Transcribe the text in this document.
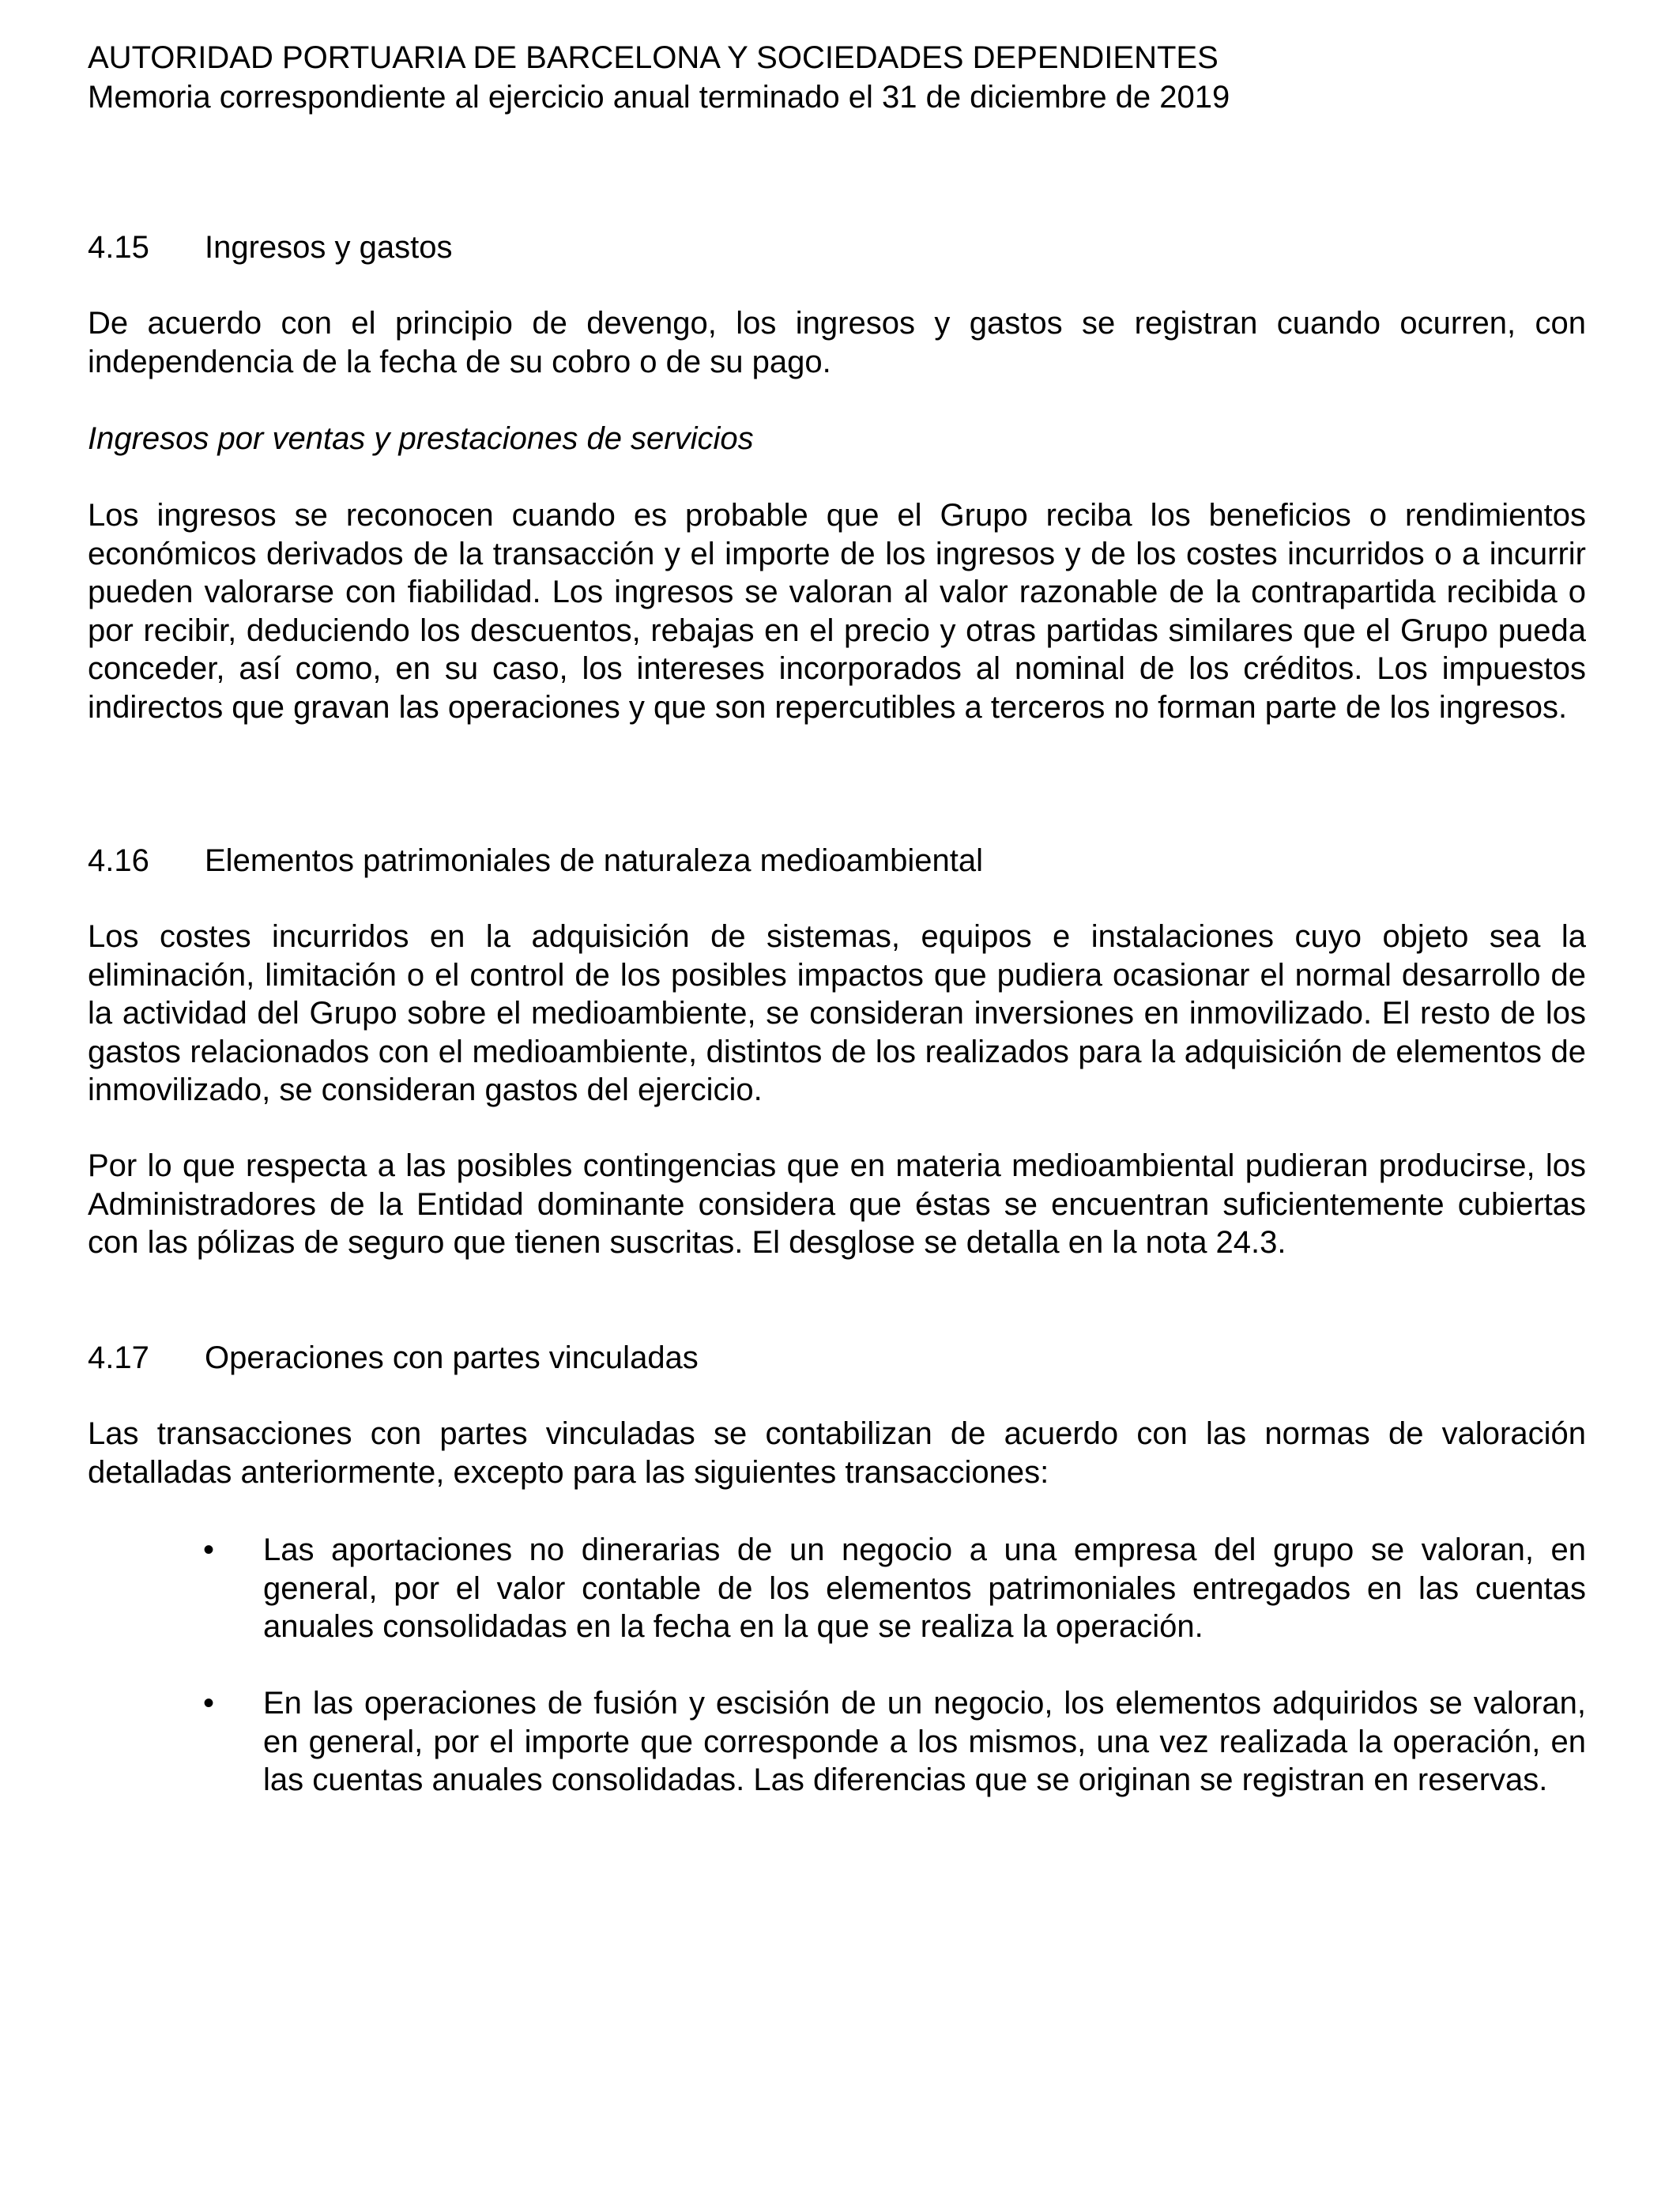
AUTORIDAD PORTUARIA DE BARCELONA Y SOCIEDADES DEPENDIENTES

Memoria correspondiente al ejercicio anual terminado el 31 de diciembre de 2019

4.15 Ingresos y gastos

De acuerdo con el principio de devengo, los ingresos y gastos se registran cuando ocurren, con independencia de la fecha de su cobro o de su pago.

Ingresos por ventas y prestaciones de servicios

Los ingresos se reconocen cuando es probable que el Grupo reciba los beneficios o rendimientos económicos derivados de la transacción y el importe de los ingresos y de los costes incurridos o a incurrir pueden valorarse con fiabilidad. Los ingresos se valoran al valor razonable de la contrapartida recibida o por recibir, deduciendo los descuentos, rebajas en el precio y otras partidas similares que el Grupo pueda conceder, así como, en su caso, los intereses incorporados al nominal de los créditos. Los impuestos indirectos que gravan las operaciones y que son repercutibles a terceros no forman parte de los ingresos.

4.16 Elementos patrimoniales de naturaleza medioambiental

Los costes incurridos en la adquisición de sistemas, equipos e instalaciones cuyo objeto sea la eliminación, limitación o el control de los posibles impactos que pudiera ocasionar el normal desarrollo de la actividad del Grupo sobre el medioambiente, se consideran inversiones en inmovilizado. El resto de los gastos relacionados con el medioambiente, distintos de los realizados para la adquisición de elementos de inmovilizado, se consideran gastos del ejercicio.

Por lo que respecta a las posibles contingencias que en materia medioambiental pudieran producirse, los Administradores de la Entidad dominante considera que éstas se encuentran suficientemente cubiertas con las pólizas de seguro que tienen suscritas. El desglose se detalla en la nota 24.3.

4.17 Operaciones con partes vinculadas

Las transacciones con partes vinculadas se contabilizan de acuerdo con las normas de valoración detalladas anteriormente, excepto para las siguientes transacciones:

• Las aportaciones no dinerarias de un negocio a una empresa del grupo se valoran, en general, por el valor contable de los elementos patrimoniales entregados en las cuentas anuales consolidadas en la fecha en la que se realiza la operación.

• En las operaciones de fusión y escisión de un negocio, los elementos adquiridos se valoran, en general, por el importe que corresponde a los mismos, una vez realizada la operación, en las cuentas anuales consolidadas. Las diferencias que se originan se registran en reservas.
